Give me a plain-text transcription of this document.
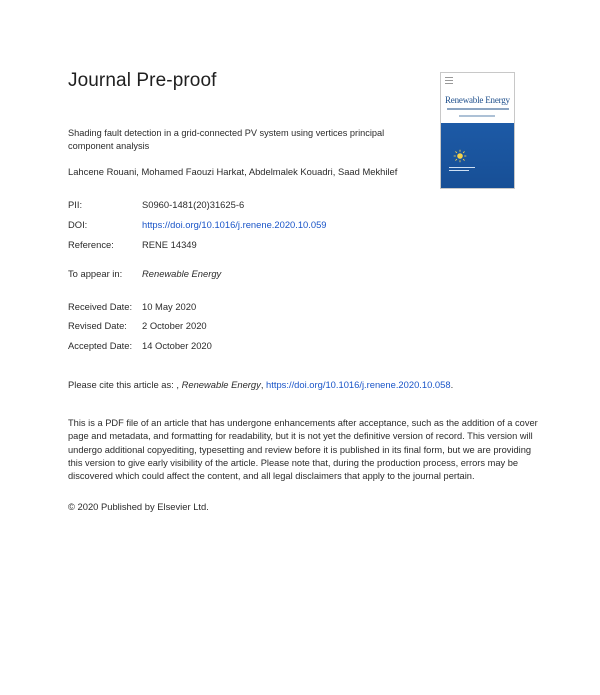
Journal Pre-proof
Renewable Energy
Shading fault detection in a grid-connected PV system using vertices principal component analysis
Lahcene Rouani, Mohamed Faouzi Harkat, Abdelmalek Kouadri, Saad Mekhilef
PII:	S0960-1481(20)31625-6
DOI:	https://doi.org/10.1016/j.renene.2020.10.059
Reference:	RENE 14349
To appear in:	Renewable Energy
Received Date:	10 May 2020
Revised Date:	2 October 2020
Accepted Date:	14 October 2020
Please cite this article as: , Renewable Energy, https://doi.org/10.1016/j.renene.2020.10.058.
This is a PDF file of an article that has undergone enhancements after acceptance, such as the addition of a cover page and metadata, and formatting for readability, but it is not yet the definitive version of record. This version will undergo additional copyediting, typesetting and review before it is published in its final form, but we are providing this version to give early visibility of the article. Please note that, during the production process, errors may be discovered which could affect the content, and all legal disclaimers that apply to the journal pertain.
© 2020 Published by Elsevier Ltd.
